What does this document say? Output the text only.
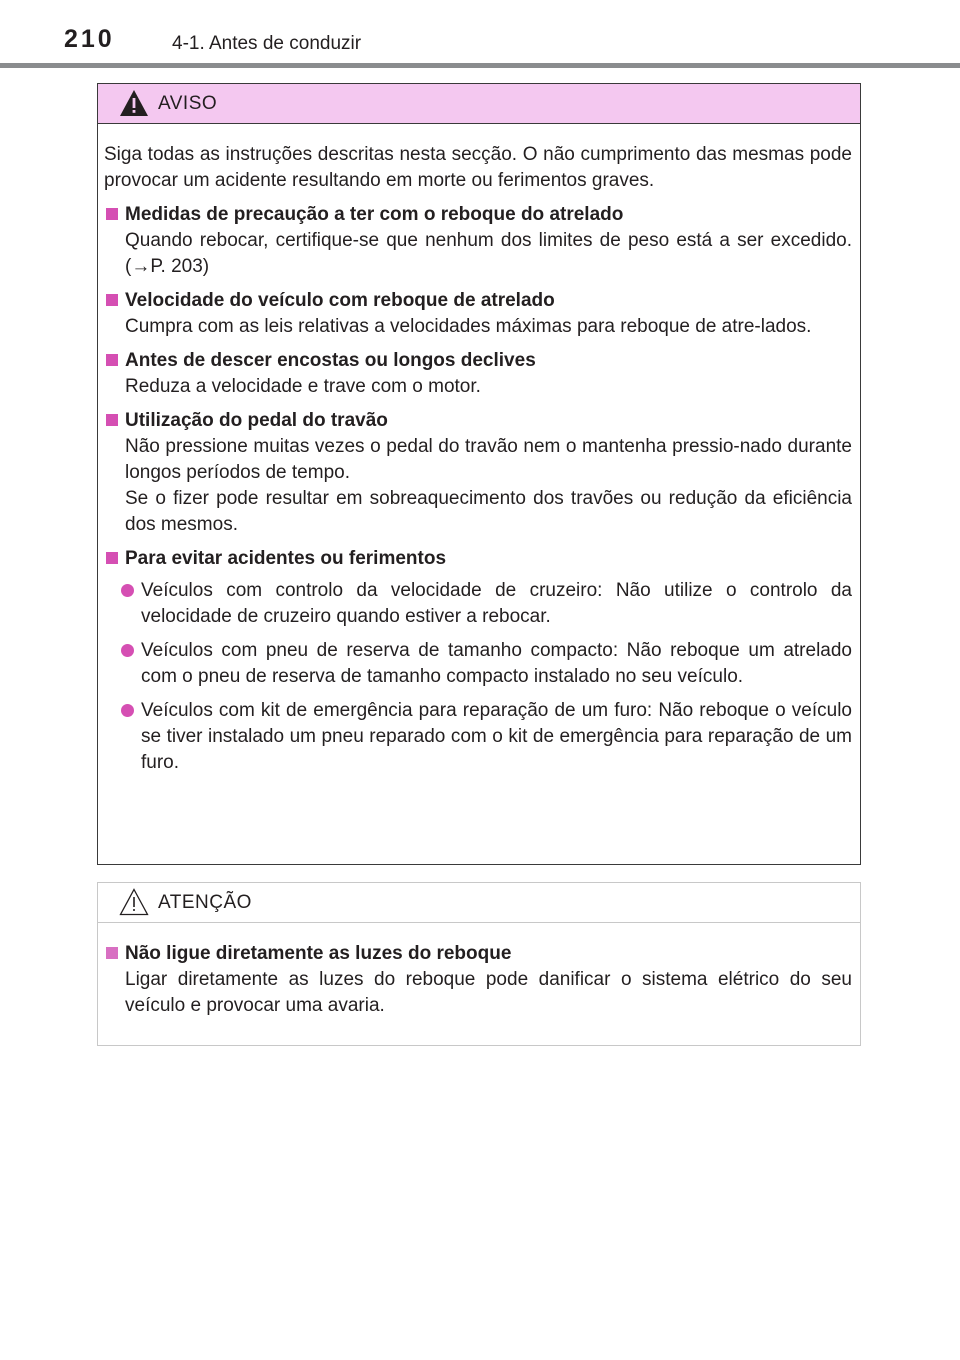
210	4-1. Antes de conduzir
AVISO

Siga todas as instruções descritas nesta secção. O não cumprimento das mesmas pode provocar um acidente resultando em morte ou ferimentos graves.

Medidas de precaução a ter com o reboque do atrelado
Quando rebocar, certifique-se que nenhum dos limites de peso está a ser excedido. (→P. 203)
Velocidade do veículo com reboque de atrelado
Cumpra com as leis relativas a velocidades máximas para reboque de atre-lados.
Antes de descer encostas ou longos declives
Reduza a velocidade e trave com o motor.
Utilização do pedal do travão
Não pressione muitas vezes o pedal do travão nem o mantenha pressio-nado durante longos períodos de tempo.
Se o fizer pode resultar em sobreaquecimento dos travões ou redução da eficiência dos mesmos.
Para evitar acidentes ou ferimentos
Veículos com controlo da velocidade de cruzeiro: Não utilize o controlo da velocidade de cruzeiro quando estiver a rebocar.
Veículos com pneu de reserva de tamanho compacto: Não reboque um atrelado com o pneu de reserva de tamanho compacto instalado no seu veículo.
Veículos com kit de emergência para reparação de um furo: Não reboque o veículo se tiver instalado um pneu reparado com o kit de emergência para reparação de um furo.
ATENÇÃO
Não ligue diretamente as luzes do reboque
Ligar diretamente as luzes do reboque pode danificar o sistema elétrico do seu veículo e provocar uma avaria.
